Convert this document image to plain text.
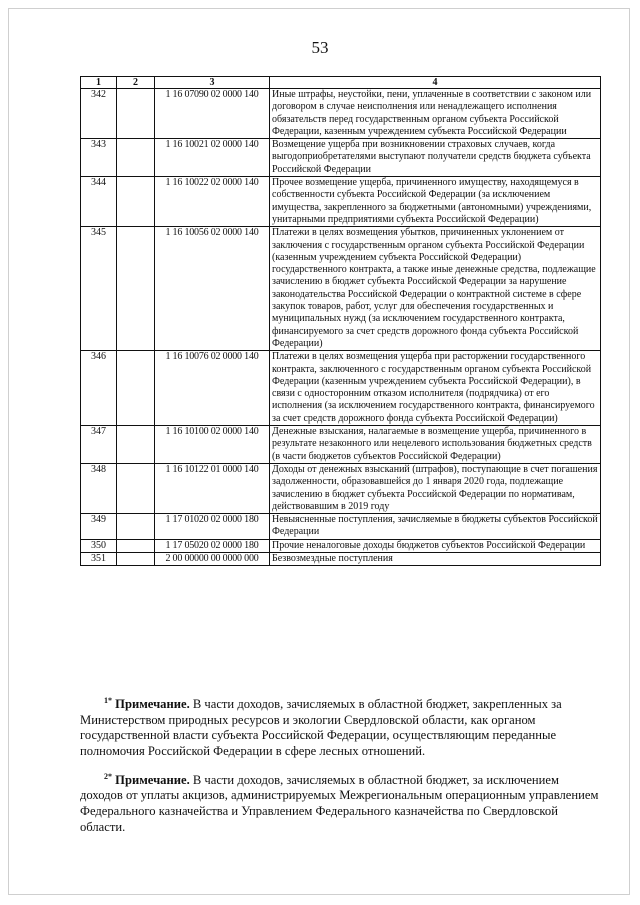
53
1	2	3	4
342		1 16 07090 02 0000 140	Иные штрафы, неустойки, пени, уплаченные в соответствии с законом или договором в случае неисполнения или ненадлежащего исполнения обязательств перед государственным органом субъекта Российской Федерации, казенным учреждением субъекта Российской Федерации
343		1 16 10021 02 0000 140	Возмещение ущерба при возникновении страховых случаев, когда выгодоприобретателями выступают получатели средств бюджета субъекта Российской Федерации
344		1 16 10022 02 0000 140	Прочее возмещение ущерба, причиненного имуществу, находящемуся в собственности субъекта Российской Федерации (за исключением имущества, закрепленного за бюджетными (автономными) учреждениями, унитарными предприятиями субъекта Российской Федерации)
345		1 16 10056 02 0000 140	Платежи в целях возмещения убытков, причиненных уклонением от заключения с государственным органом субъекта Российской Федерации (казенным учреждением субъекта Российской Федерации) государственного контракта, а также иные денежные средства, подлежащие зачислению в бюджет субъекта Российской Федерации за нарушение законодательства Российской Федерации о контрактной системе в сфере закупок товаров, работ, услуг для обеспечения государственных и муниципальных нужд (за исключением государственного контракта, финансируемого за счет средств дорожного фонда субъекта Российской Федерации)
346		1 16 10076 02 0000 140	Платежи в целях возмещения ущерба при расторжении государственного контракта, заключенного с государственным органом субъекта Российской Федерации (казенным учреждением субъекта Российской Федерации), в связи с односторонним отказом исполнителя (подрядчика) от его исполнения (за исключением государственного контракта, финансируемого за счет средств дорожного фонда субъекта Российской Федерации)
347		1 16 10100 02 0000 140	Денежные взыскания, налагаемые в возмещение ущерба, причиненного в результате незаконного или нецелевого использования бюджетных средств (в части бюджетов субъектов Российской Федерации)
348		1 16 10122 01 0000 140	Доходы от денежных взысканий (штрафов), поступающие в счет погашения задолженности, образовавшейся до 1 января 2020 года, подлежащие зачислению в бюджет субъекта Российской Федерации по нормативам, действовавшим в 2019 году
349		1 17 01020 02 0000 180	Невыясненные поступления, зачисляемые в бюджеты субъектов Российской Федерации
350		1 17 05020 02 0000 180	Прочие неналоговые доходы бюджетов субъектов Российской Федерации
351		2 00 00000 00 0000 000	Безвозмездные поступления

$^{1*}$ Примечание. В части доходов, зачисляемых в областной бюджет, закрепленных за Министерством природных ресурсов и экологии Свердловской области, как органом государственной власти субъекта Российской Федерации, осуществляющим переданные полномочия Российской Федерации в сфере лесных отношений.

$^{2*}$ Примечание. В части доходов, зачисляемых в областной бюджет, за исключением доходов от уплаты акцизов, администрируемых Межрегиональным операционным управлением Федерального казначейства и Управлением Федерального казначейства по Свердловской области.
